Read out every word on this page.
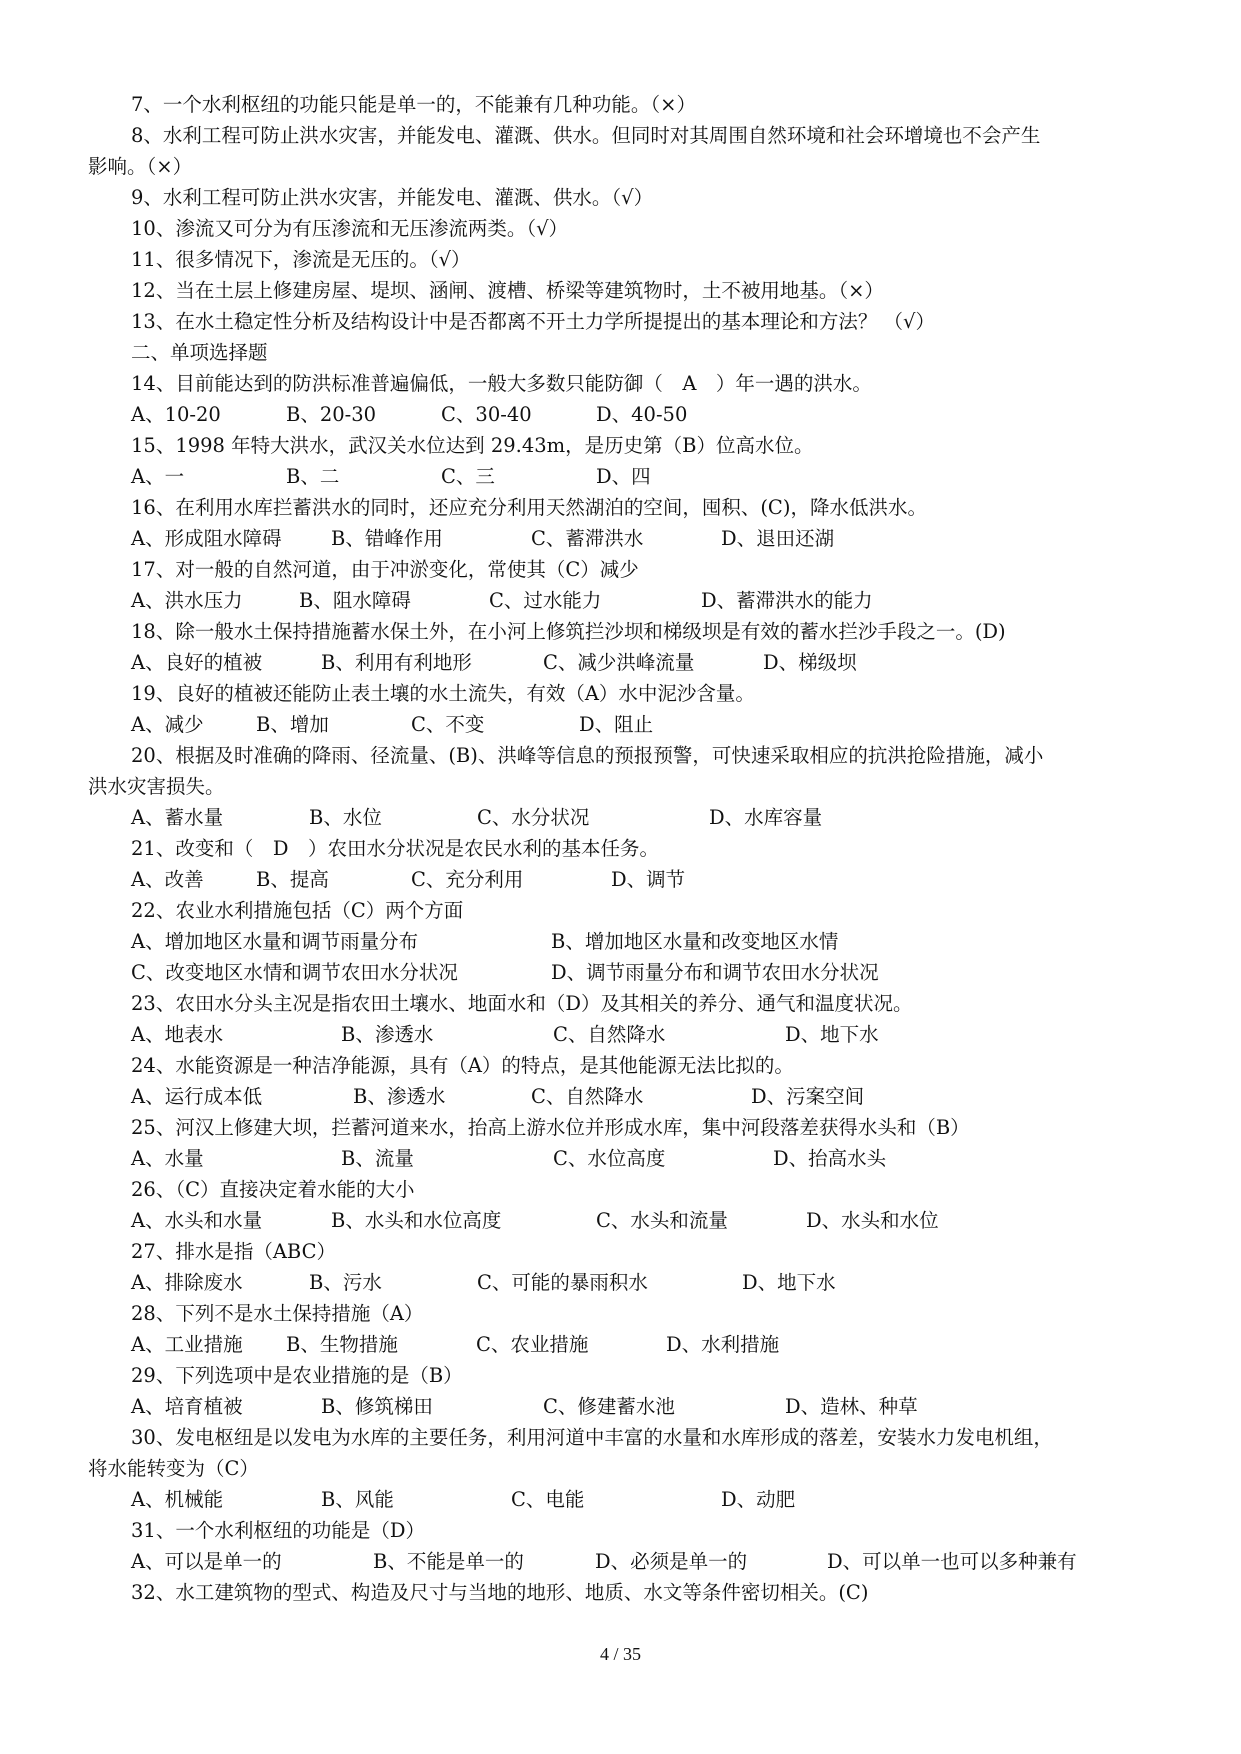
7、一个水利枢纽的功能只能是单一的，不能兼有几种功能。（×）
8、水利工程可防止洪水灾害，并能发电、灌溉、供水。但同时对其周围自然环境和社会环增境也不会产生
影响。（×）
9、水利工程可防止洪水灾害，并能发电、灌溉、供水。（√）
10、渗流又可分为有压渗流和无压渗流两类。（√）
11、很多情况下，渗流是无压的。（√）
12、当在土层上修建房屋、堤坝、涵闸、渡槽、桥梁等建筑物时，土不被用地基。（×）
13、在水土稳定性分析及结构设计中是否都离不开土力学所提提出的基本理论和方法？ （√）
二、单项选择题
14、目前能达到的防洪标准普遍偏低，一般大多数只能防御（　A　）年一遇的洪水。
A、10-20	B、20-30	C、30-40	D、40-50
15、1998 年特大洪水，武汉关水位达到 29.43m，是历史第（B）位高水位。
A、一	B、二	C、三	D、四
16、在利用水库拦蓄洪水的同时，还应充分利用天然湖泊的空间，囤积、(C)，降水低洪水。
A、形成阻水障碍	B、错峰作用	C、蓄滞洪水	D、退田还湖
17、对一般的自然河道，由于冲淤变化，常使其（C）减少
A、洪水压力	B、阻水障碍	C、过水能力	D、蓄滞洪水的能力
18、除一般水土保持措施蓄水保土外，在小河上修筑拦沙坝和梯级坝是有效的蓄水拦沙手段之一。(D)
A、良好的植被	B、利用有利地形	C、减少洪峰流量	D、梯级坝
19、良好的植被还能防止表土壤的水土流失，有效（A）水中泥沙含量。
A、减少	B、增加	C、不变	D、阻止
20、根据及时准确的降雨、径流量、(B)、洪峰等信息的预报预警，可快速采取相应的抗洪抢险措施，减小
洪水灾害损失。
A、蓄水量	B、水位	C、水分状况	D、水库容量
21、改变和（　D　）农田水分状况是农民水利的基本任务。
A、改善	B、提高	C、充分利用	D、调节
22、农业水利措施包括（C）两个方面
A、增加地区水量和调节雨量分布	B、增加地区水量和改变地区水情
C、改变地区水情和调节农田水分状况	D、调节雨量分布和调节农田水分状况
23、农田水分头主况是指农田土壤水、地面水和（D）及其相关的养分、通气和温度状况。
A、地表水	B、渗透水	C、自然降水	D、地下水
24、水能资源是一种洁净能源，具有（A）的特点，是其他能源无法比拟的。
A、运行成本低	B、渗透水	C、自然降水	D、污案空间
25、河汉上修建大坝，拦蓄河道来水，抬高上游水位并形成水库，集中河段落差获得水头和（B）
A、水量	B、流量	C、水位高度	D、抬高水头
26、（C）直接决定着水能的大小
A、水头和水量	B、水头和水位高度	C、水头和流量	D、水头和水位
27、排水是指（ABC）
A、排除废水	B、污水	C、可能的暴雨积水	D、地下水
28、下列不是水土保持措施（A）
A、工业措施	B、生物措施	C、农业措施	D、水利措施
29、下列选项中是农业措施的是（B）
A、培育植被	B、修筑梯田	C、修建蓄水池	D、造林、种草
30、发电枢纽是以发电为水库的主要任务，利用河道中丰富的水量和水库形成的落差，安装水力发电机组，
将水能转变为（C）
A、机械能	B、风能	C、电能	D、动肥
31、一个水利枢纽的功能是（D）
A、可以是单一的	B、不能是单一的	D、必须是单一的	D、可以单一也可以多种兼有
32、水工建筑物的型式、构造及尺寸与当地的地形、地质、水文等条件密切相关。(C)
4 / 35
